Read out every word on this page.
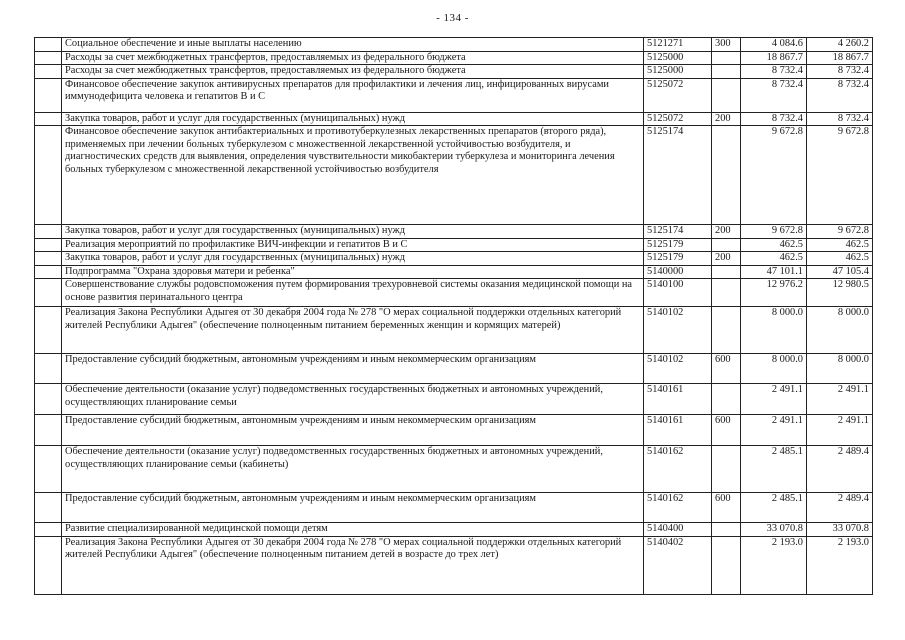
- 134 -
	Социальное обеспечение и иные выплаты населению	5121271	300	4 084.6	4 260.2
	Расходы за счет межбюджетных трансфертов, предоставляемых из федерального бюджета	5125000		18 867.7	18 867.7
	Расходы за счет межбюджетных трансфертов, предоставляемых из федерального бюджета	5125000		8 732.4	8 732.4
	Финансовое обеспечение закупок антивирусных препаратов для профилактики и лечения лиц, инфицированных вирусами иммунодефицита человека и гепатитов В и С	5125072		8 732.4	8 732.4
	Закупка товаров, работ и услуг для государственных (муниципальных) нужд	5125072	200	8 732.4	8 732.4
	Финансовое обеспечение закупок антибактериальных и противотуберкулезных лекарственных препаратов (второго ряда), применяемых при лечении больных туберкулезом с множественной лекарственной устойчивостью возбудителя, и диагностических средств для выявления, определения чувствительности микобактерии туберкулеза и мониторинга лечения больных туберкулезом с множественной лекарственной устойчивостью возбудителя	5125174		9 672.8	9 672.8
	Закупка товаров, работ и услуг для государственных (муниципальных) нужд	5125174	200	9 672.8	9 672.8
	Реализация мероприятий по профилактике ВИЧ-инфекции и гепатитов В и С	5125179		462.5	462.5
	Закупка товаров, работ и услуг для государственных (муниципальных) нужд	5125179	200	462.5	462.5
	Подпрограмма "Охрана здоровья матери и ребенка"	5140000		47 101.1	47 105.4
	Совершенствование службы родовспоможения путем формирования трехуровневой системы оказания медицинской помощи на основе развития перинатального центра	5140100		12 976.2	12 980.5
	Реализация Закона Республики Адыгея от 30 декабря 2004 года № 278 "О мерах социальной поддержки отдельных категорий жителей Республики Адыгея" (обеспечение полноценным питанием беременных женщин и кормящих матерей)	5140102		8 000.0	8 000.0
	Предоставление субсидий бюджетным, автономным учреждениям и иным некоммерческим организациям	5140102	600	8 000.0	8 000.0
	Обеспечение деятельности (оказание услуг) подведомственных государственных бюджетных и автономных учреждений, осуществляющих планирование семьи	5140161		2 491.1	2 491.1
	Предоставление субсидий бюджетным, автономным учреждениям и иным некоммерческим организациям	5140161	600	2 491.1	2 491.1
	Обеспечение деятельности (оказание услуг) подведомственных государственных бюджетных и автономных учреждений, осуществляющих планирование семьи (кабинеты)	5140162		2 485.1	2 489.4
	Предоставление субсидий бюджетным, автономным учреждениям и иным некоммерческим организациям	5140162	600	2 485.1	2 489.4
	Развитие специализированной медицинской помощи детям	5140400		33 070.8	33 070.8
	Реализация Закона Республики Адыгея от 30 декабря 2004 года № 278 "О мерах социальной поддержки отдельных категорий жителей Республики Адыгея" (обеспечение полноценным питанием детей в возрасте до трех лет)	5140402		2 193.0	2 193.0
